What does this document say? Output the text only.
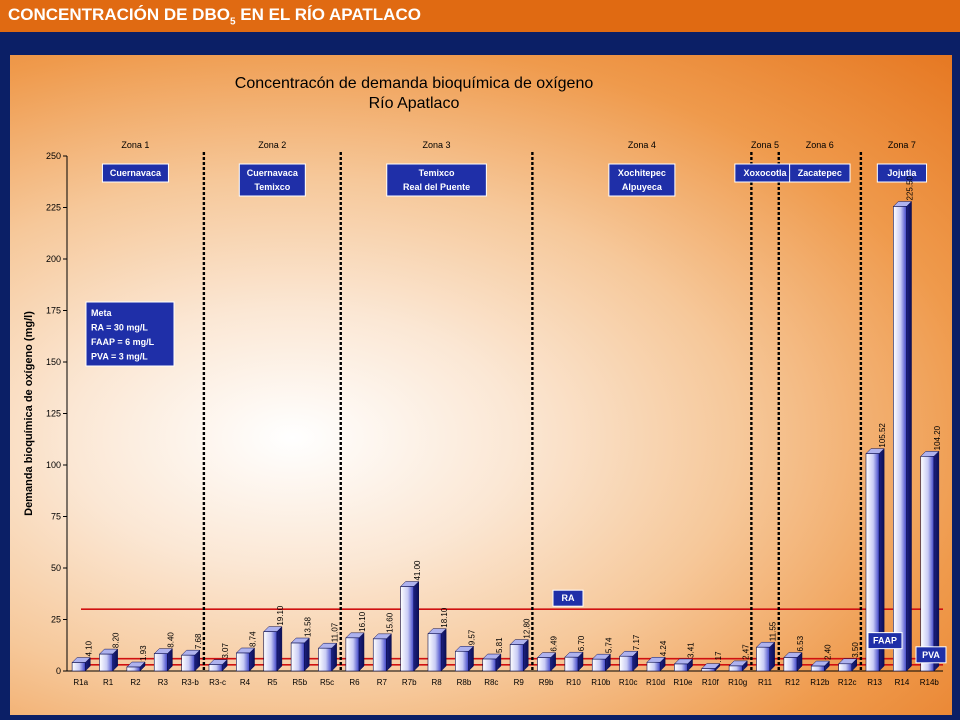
CONCENTRACIÓN DE $DBO_5$ EN EL RÍO APATLACO
Concentracón de demanda bioquímica de oxígeno
Río Apatlaco
Demanda bioquímica de oxígeno (mg/l)
0
25
50
75
100
125
150
175
200
225
250
Zona 1
Cuernavaca
Zona 2
Cuernavaca
Temixco
Zona 3
Temixco
Real del Puente
Zona 4
Xochitepec
Alpuyeca
Zona 5
Xoxocotla
Zona 6
Zacatepec
Zona 7
Jojutla
Meta
RA = 30 mg/L
FAAP = 6 mg/L
PVA = 3 mg/L
4.10
R1a
8.20
R1
1.93
R2
8.40
R3
7.68
R3-b
3.07
R3-c
8.74
R4
19.10
R5
13.58
R5b
11.07
R5c
16.10
R6
15.60
R7
41.00
R7b
18.10
R8
9.57
R8b
5.81
R8c
12.80
R9
6.49
R9b
6.70
R10
5.74
R10b
7.17
R10c
4.24
R10d
3.41
R10e
.17
R10f
2.47
R10g
11.55
R11
6.53
R12
2.40
R12b
3.50
R12c
105.52
R13
225.50
R14
104.20
R14b
RA
FAAP
PVA
